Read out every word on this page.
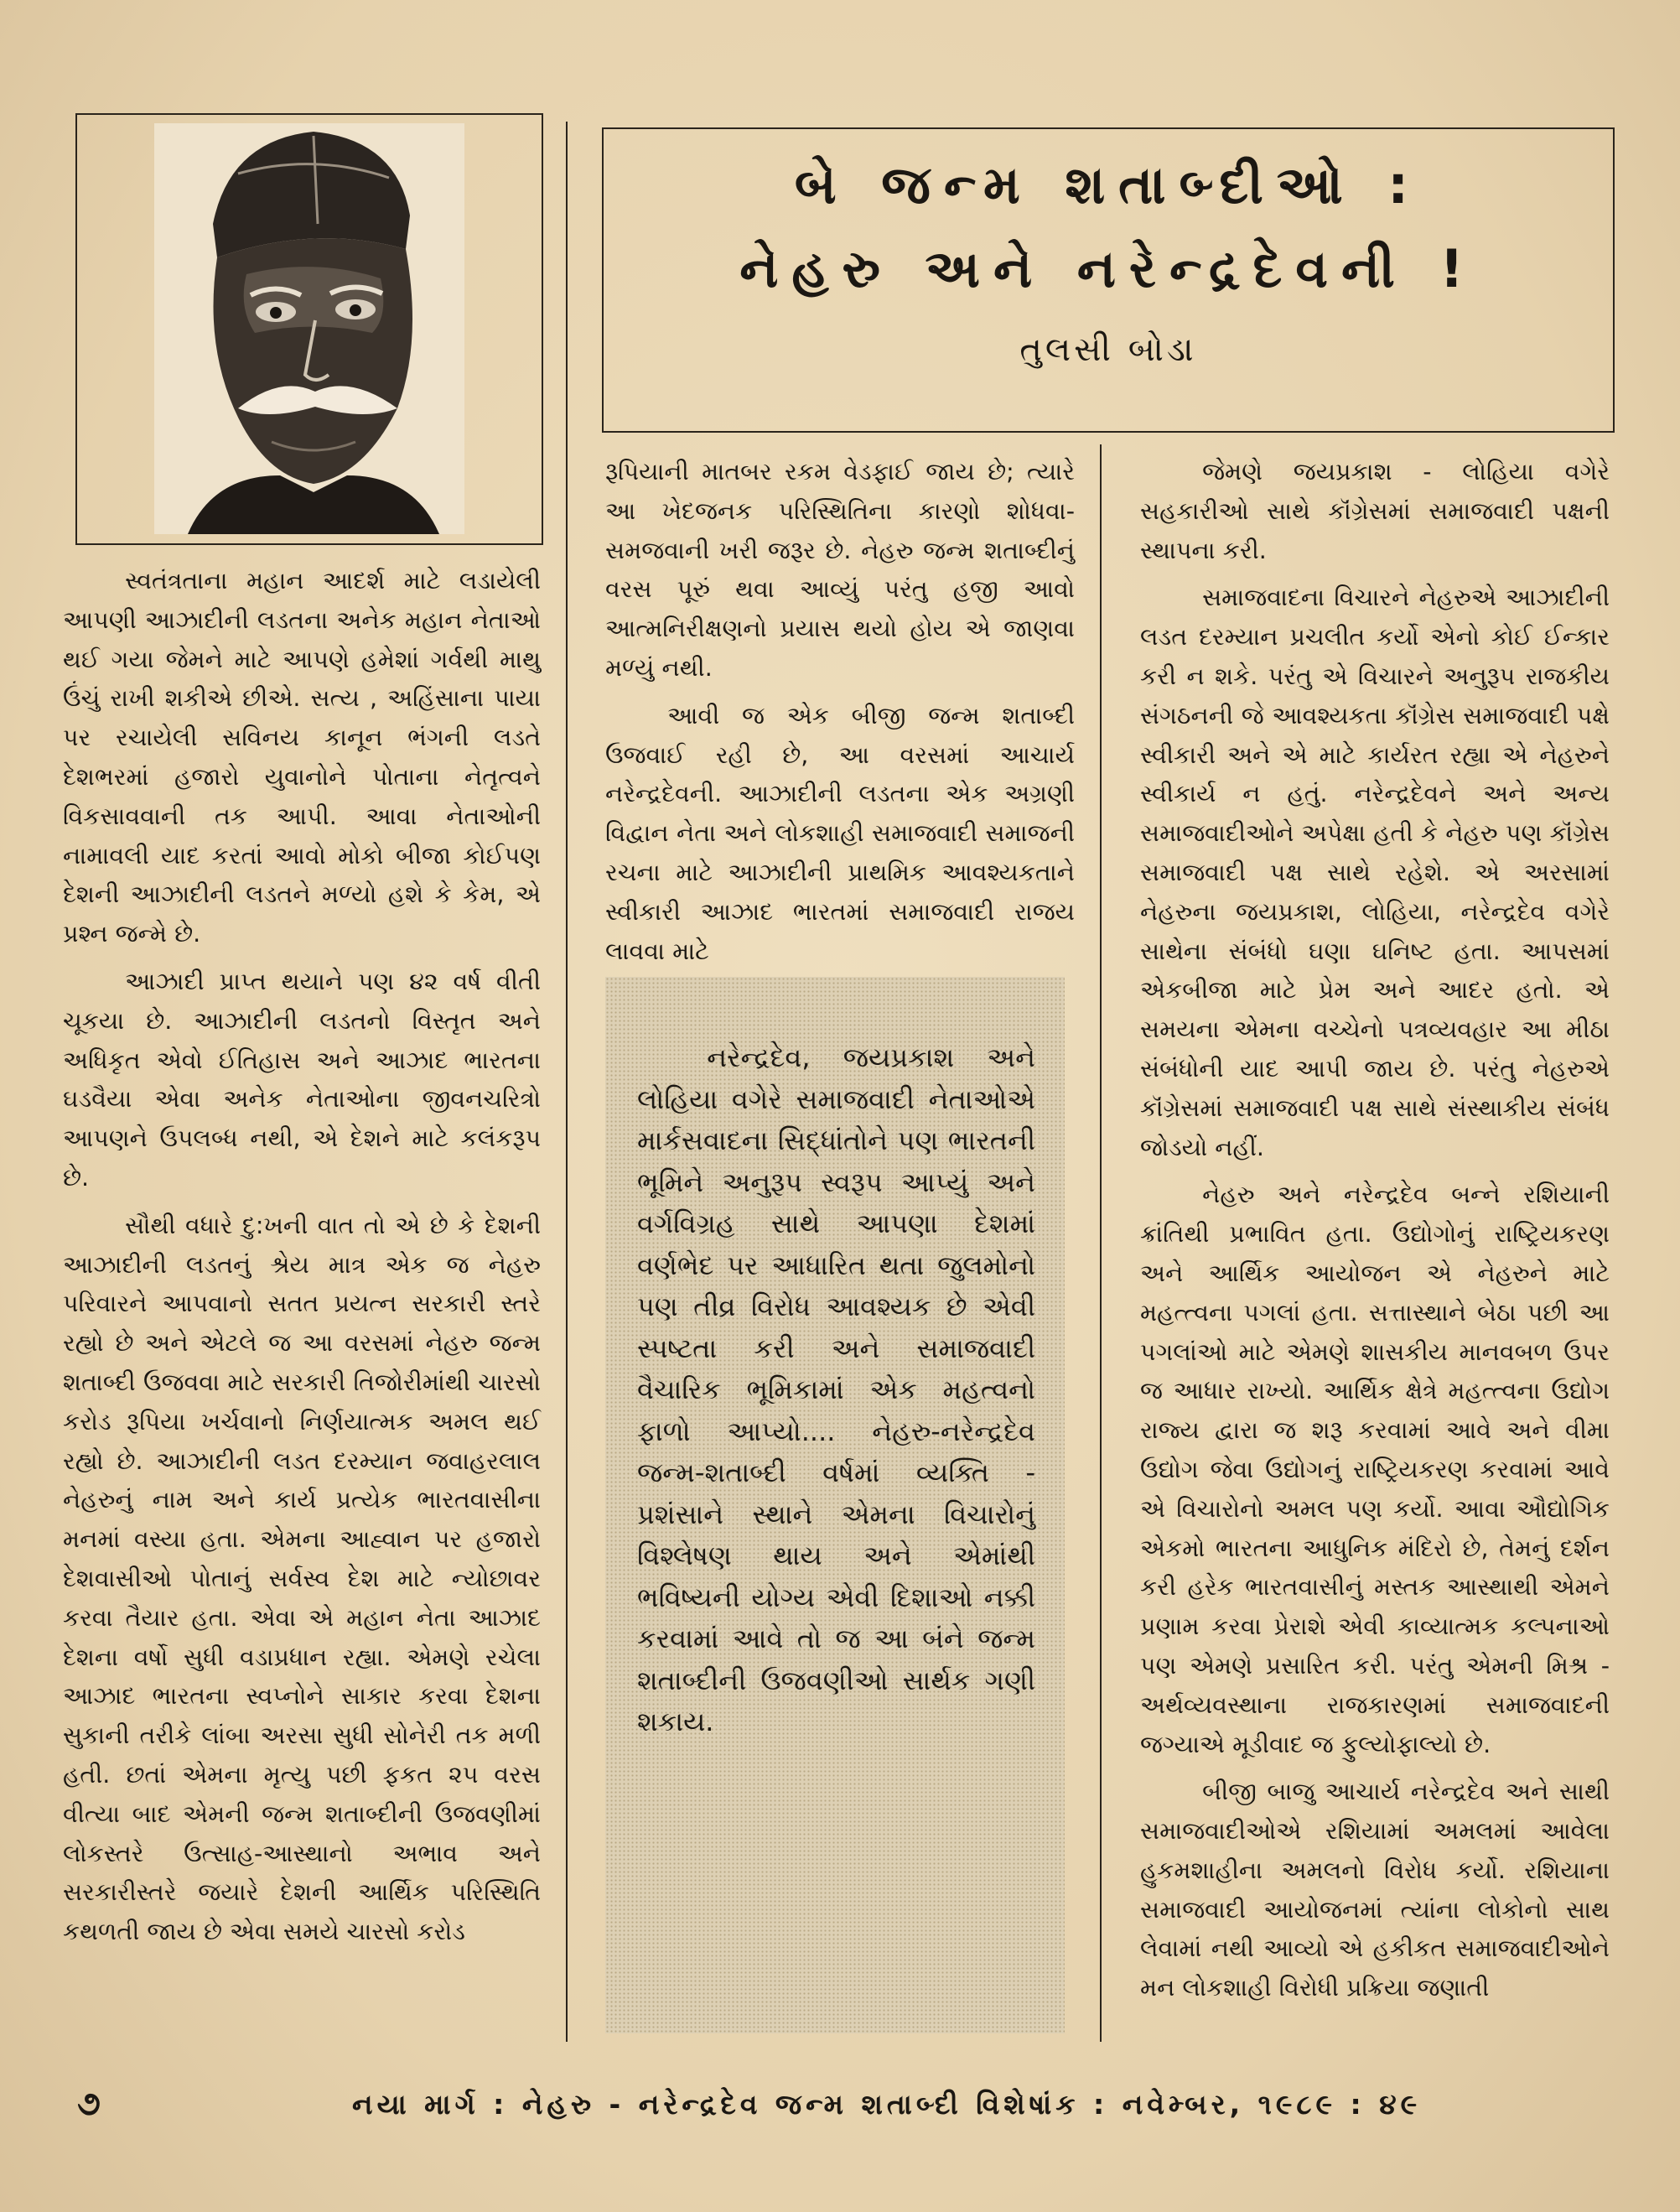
બે જન્મ શતાબ્દીઓ :
નેહરુ અને નરેન્દ્રદેવની !
તુલસી બોડા

સ્વતંત્રતાના મહાન આદર્શ માટે લડાયેલી આપણી આઝાદીની લડતના અનેક મહાન નેતાઓ થઈ ગયા જેમને માટે આપણે હમેશાં ગર્વથી માથુ ઉંચું રાખી શકીએ છીએ. સત્ય , અહિંસાના પાયા પર રચાયેલી સવિનય કાનૂન ભંગની લડતે દેશભરમાં હજારો યુવાનોને પોતાના નેતૃત્વને વિકસાવવાની તક આપી. આવા નેતાઓની નામાવલી યાદ કરતાં આવો મોકો બીજા કોઈપણ દેશની આઝાદીની લડતને મળ્યો હશે કે કેમ, એ પ્રશ્ન જન્મે છે.

આઝાદી પ્રાપ્ત થયાને પણ ૪૨ વર્ષ વીતી ચૂકયા છે. આઝાદીની લડતનો વિસ્તૃત અને અધિકૃત એવો ઈતિહાસ અને આઝાદ ભારતના ઘડવૈયા એવા અનેક નેતાઓના જીવનચરિત્રો આપણને ઉપલબ્ધ નથી, એ દેશને માટે કલંકરૂપ છે.

સૌથી વધારે દુ:ખની વાત તો એ છે કે દેશની આઝાદીની લડતનું શ્રેય માત્ર એક જ નેહરુ પરિવારને આપવાનો સતત પ્રયત્ન સરકારી સ્તરે રહ્યો છે અને એટલે જ આ વરસમાં નેહરુ જન્મ શતાબ્દી ઉજવવા માટે સરકારી તિજોરીમાંથી ચારસો કરોડ રૂપિયા ખર્ચવાનો નિર્ણયાત્મક અમલ થઈ રહ્યો છે. આઝાદીની લડત દરમ્યાન જવાહરલાલ નેહરુનું નામ અને કાર્ય પ્રત્યેક ભારતવાસીના મનમાં વસ્યા હતા. એમના આહ્વાન પર હજારો દેશવાસીઓ પોતાનું સર્વસ્વ દેશ માટે ન્યોછાવર કરવા તૈયાર હતા. એવા એ મહાન નેતા આઝાદ દેશના વર્ષો સુધી વડાપ્રધાન રહ્યા. એમણે રચેલા આઝાદ ભારતના સ્વપ્નોને સાકાર કરવા દેશના સુકાની તરીકે લાંબા અરસા સુધી સોનેરી તક મળી હતી. છતાં એમના મૃત્યુ પછી ફકત ૨૫ વરસ વીત્યા બાદ એમની જન્મ શતાબ્દીની ઉજવણીમાં લોકસ્તરે ઉત્સાહ-આસ્થાનો અભાવ અને સરકારીસ્તરે જયારે દેશની આર્થિક પરિસ્થિતિ કથળતી જાય છે એવા સમયે ચારસો કરોડ

રૂપિયાની માતબર રકમ વેડફાઈ જાય છે; ત્યારે આ ખેદજનક પરિસ્થિતિના કારણો શોધવા-સમજવાની ખરી જરૂર છે. નેહરુ જન્મ શતાબ્દીનું વરસ પૂરું થવા આવ્યું પરંતુ હજી આવો આત્મનિરીક્ષણનો પ્રયાસ થયો હોય એ જાણવા મળ્યું નથી.

આવી જ એક બીજી જન્મ શતાબ્દી ઉજવાઈ રહી છે, આ વરસમાં આચાર્ય નરેન્દ્રદેવની. આઝાદીની લડતના એક અગ્રણી વિદ્વાન નેતા અને લોકશાહી સમાજવાદી સમાજની રચના માટે આઝાદીની પ્રાથમિક આવશ્યકતાને સ્વીકારી આઝાદ ભારતમાં સમાજવાદી રાજય લાવવા માટે

નરેન્દ્રદેવ, જયપ્રકાશ અને લોહિયા વગેરે સમાજવાદી નેતાઓએ માર્કસવાદના સિદ્ધાંતોને પણ ભારતની ભૂમિને અનુરૂપ સ્વરૂપ આપ્યું અને વર્ગવિગ્રહ સાથે આપણા દેશમાં વર્ણભેદ પર આધારિત થતા જુલમોનો પણ તીવ્ર વિરોધ આવશ્યક છે એવી સ્પષ્ટતા કરી અને સમાજવાદી વૈચારિક ભૂમિકામાં એક મહત્વનો ફાળો આપ્યો.... નેહરુ-નરેન્દ્રદેવ જન્મ-શતાબ્દી વર્ષમાં વ્યક્તિ - પ્રશંસાને સ્થાને એમના વિચારોનું વિશ્લેષણ થાય અને એમાંથી ભવિષ્યની યોગ્ય એવી દિશાઓ નક્કી કરવામાં આવે તો જ આ બંને જન્મ શતાબ્દીની ઉજવણીઓ સાર્થક ગણી શકાય.

જેમણે જયપ્રકાશ - લોહિયા વગેરે સહકારીઓ સાથે કૉંગ્રેસમાં સમાજવાદી પક્ષની સ્થાપના કરી.

સમાજવાદના વિચારને નેહરુએ આઝાદીની લડત દરમ્યાન પ્રચલીત કર્યો એનો કોઈ ઈન્કાર કરી ન શકે. પરંતુ એ વિચારને અનુરૂપ રાજકીય સંગઠનની જે આવશ્યકતા કૉંગ્રેસ સમાજવાદી પક્ષે સ્વીકારી અને એ માટે કાર્યરત રહ્યા એ નેહરુને સ્વીકાર્ય ન હતું. નરેન્દ્રદેવને અને અન્ય સમાજવાદીઓને અપેક્ષા હતી કે નેહરુ પણ કૉંગ્રેસ સમાજવાદી પક્ષ સાથે રહેશે. એ અરસામાં નેહરુના જયપ્રકાશ, લોહિયા, નરેન્દ્રદેવ વગેરે સાથેના સંબંધો ઘણા ઘનિષ્ટ હતા. આપસમાં એકબીજા માટે પ્રેમ અને આદર હતો. એ સમયના એમના વચ્ચેનો પત્રવ્યવહાર આ મીઠા સંબંધોની યાદ આપી જાય છે. પરંતુ નેહરુએ કૉંગ્રેસમાં સમાજવાદી પક્ષ સાથે સંસ્થાકીય સંબંધ જોડયો નહીં.

નેહરુ અને નરેન્દ્રદેવ બન્ને રશિયાની ક્રાંતિથી પ્રભાવિત હતા. ઉદ્યોગોનું રાષ્ટ્રિયકરણ અને આર્થિક આયોજન એ નેહરુને માટે મહત્ત્વના પગલાં હતા. સત્તાસ્થાને બેઠા પછી આ પગલાંઓ માટે એમણે શાસકીય માનવબળ ઉપર જ આધાર રાખ્યો. આર્થિક ક્ષેત્રે મહત્ત્વના ઉદ્યોગ રાજ્ય દ્વારા જ શરૂ કરવામાં આવે અને વીમા ઉદ્યોગ જેવા ઉદ્યોગનું રાષ્ટ્રિયકરણ કરવામાં આવે એ વિચારોનો અમલ પણ કર્યો. આવા ઔદ્યોગિક એકમો ભારતના આધુનિક મંદિરો છે, તેમનું દર્શન કરી હરેક ભારતવાસીનું મસ્તક આસ્થાથી એમને પ્રણામ કરવા પ્રેરાશે એવી કાવ્યાત્મક કલ્પનાઓ પણ એમણે પ્રસારિત કરી. પરંતુ એમની મિશ્ર - અર્થવ્યવસ્થાના રાજકારણમાં સમાજવાદની જગ્યાએ મૂડીવાદ જ ફુલ્યોફાલ્યો છે.

બીજી બાજુ આચાર્ય નરેન્દ્રદેવ અને સાથી સમાજવાદીઓએ રશિયામાં અમલમાં આવેલા હુકમશાહીના અમલનો વિરોધ કર્યો. રશિયાના સમાજવાદી આયોજનમાં ત્યાંના લોકોનો સાથ લેવામાં નથી આવ્યો એ હકીકત સમાજવાદીઓને મન લોકશાહી વિરોધી પ્રક્રિયા જણાતી

૭	નયા માર્ગ : નેહરુ - નરેન્દ્રદેવ જન્મ શતાબ્દી વિશેષાંક : નવેમ્બર, ૧૯૮૯ : ૪૯
